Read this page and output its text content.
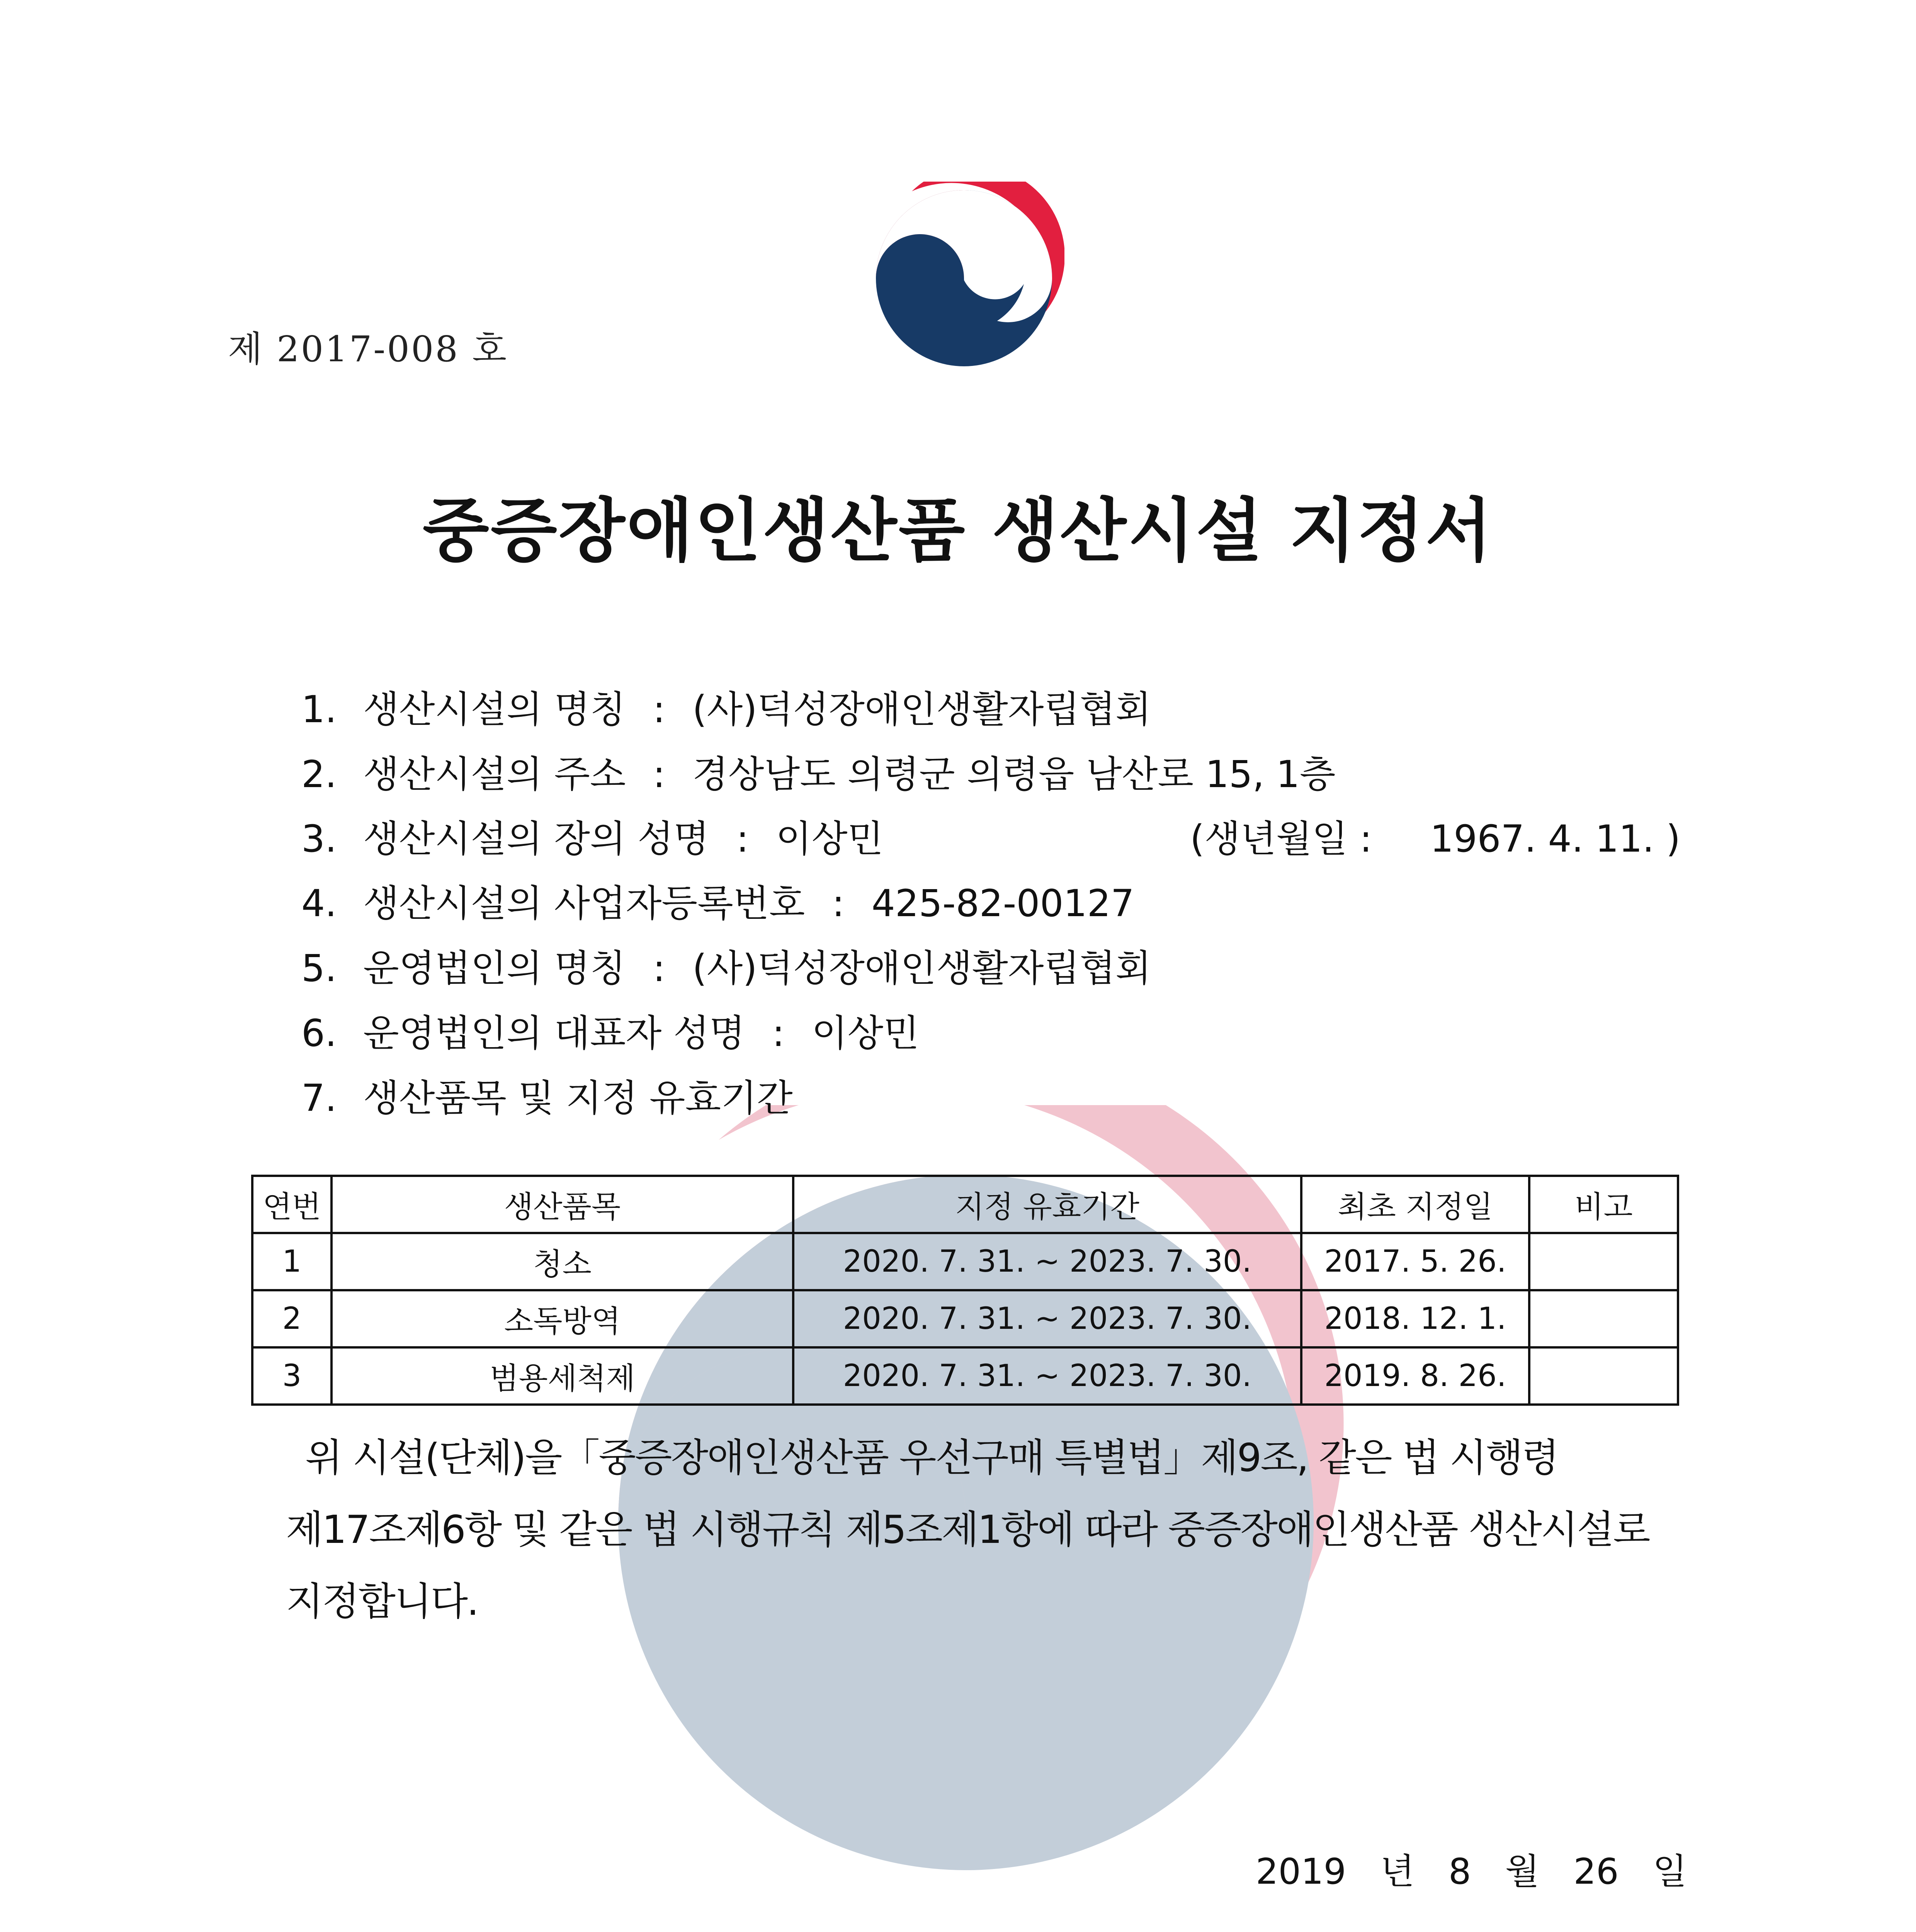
제 2017-008 호
중증장애인생산품 생산시설 지정서
1. 생산시설의 명칭 : (사)덕성장애인생활자립협회
2. 생산시설의 주소 : 경상남도 의령군 의령읍 남산로 15, 1층
3. 생산시설의 장의 성명 : 이상민	(생년월일 : 1967. 4. 11. )
4. 생산시설의 사업자등록번호 : 425-82-00127
5. 운영법인의 명칭 : (사)덕성장애인생활자립협회
6. 운영법인의 대표자 성명 : 이상민
7. 생산품목 및 지정 유효기간
연번	생산품목	지정 유효기간	최초 지정일	비고
1	청소	2020. 7. 31. ~ 2023. 7. 30.	2017. 5. 26.	
2	소독방역	2020. 7. 31. ~ 2023. 7. 30.	2018. 12. 1.	
3	범용세척제	2020. 7. 31. ~ 2023. 7. 30.	2019. 8. 26.	

위 시설(단체)을「중증장애인생산품 우선구매 특별법」제9조, 같은 법 시행령

제17조제6항 및 같은 법 시행규칙 제5조제1항에 따라 중증장애인생산품 생산시설로

지정합니다.

2019 년 8 월 26 일
